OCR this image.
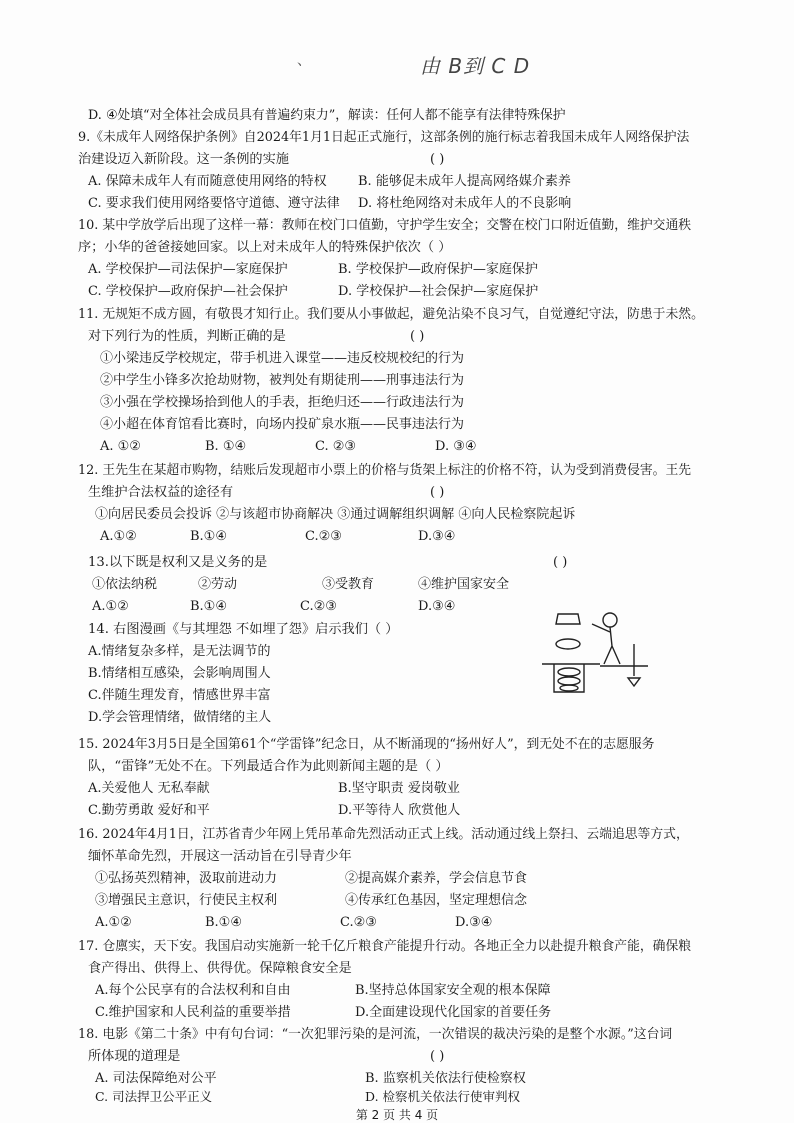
、	由 B到 C D
D. ④处填“对全体社会成员具有普遍约束力”，解读：任何人都不能享有法律特殊保护
9.《未成年人网络保护条例》自2024年1月1日起正式施行，这部条例的施行标志着我国未成年人网络保护法
治建设迈入新阶段。这一条例的实施	( )
A. 保障未成年人有而随意使用网络的特权 B. 能够促未成年人提高网络媒介素养
C. 要求我们使用网络要恪守道德、遵守法律 D. 将杜绝网络对未成年人的不良影响
10. 某中学放学后出现了这样一幕：教师在校门口值勤，守护学生安全；交警在校门口附近值勤，维护交通秩
序；小华的爸爸接她回家。以上对未成年人的特殊保护依次（ ）
A. 学校保护—司法保护—家庭保护	B. 学校保护—政府保护—家庭保护
C. 学校保护—政府保护—社会保护	D. 学校保护—社会保护—家庭保护
11. 无规矩不成方圆，有敬畏才知行止。我们要从小事做起，避免沾染不良习气，自觉遵纪守法，防患于未然。
对下列行为的性质，判断正确的是	( )
①小梁违反学校规定，带手机进入课堂——违反校规校纪的行为
②中学生小锋多次抢劫财物，被判处有期徒刑——刑事违法行为
③小强在学校操场拾到他人的手表，拒绝归还——行政违法行为
④小超在体育馆看比赛时，向场内投矿泉水瓶——民事违法行为
A. ①②	B. ①④	C. ②③	D. ③④
12. 王先生在某超市购物，结账后发现超市小票上的价格与货架上标注的价格不符，认为受到消费侵害。王先
生维护合法权益的途径有	( )
①向居民委员会投诉 ②与该超市协商解决 ③通过调解组织调解 ④向人民检察院起诉
A.①②	B.①④	C.②③	D.③④
13.以下既是权利又是义务的是	( )
①依法纳税	②劳动	③受教育	④维护国家安全
A.①②	B.①④	C.②③	D.③④
14. 右图漫画《与其埋怨 不如埋了怨》启示我们（ ）
A.情绪复杂多样，是无法调节的
B.情绪相互感染，会影响周围人
C.伴随生理发育，情感世界丰富
D.学会管理情绪，做情绪的主人
15. 2024年3月5日是全国第61个“学雷锋”纪念日，从不断涌现的“扬州好人”，到无处不在的志愿服务
队，“雷锋”无处不在。下列最适合作为此则新闻主题的是（ ）
A.关爱他人 无私奉献	B.坚守职责 爱岗敬业
C.勤劳勇敢 爱好和平	D.平等待人 欣赏他人
16. 2024年4月1日，江苏省青少年网上凭吊革命先烈活动正式上线。活动通过线上祭扫、云端追思等方式，
缅怀革命先烈，开展这一活动旨在引导青少年
①弘扬英烈精神，汲取前进动力	②提高媒介素养，学会信息节食
③增强民主意识，行使民主权利	④传承红色基因，坚定理想信念
A.①②	B.①④	C.②③	D.③④
17. 仓廪实，天下安。我国启动实施新一轮千亿斤粮食产能提升行动。各地正全力以赴提升粮食产能，确保粮
食产得出、供得上、供得优。保障粮食安全是
A.每个公民享有的合法权利和自由	B.坚持总体国家安全观的根本保障
C.维护国家和人民利益的重要举措	D.全面建设现代化国家的首要任务
18. 电影《第二十条》中有句台词：“一次犯罪污染的是河流，一次错误的裁决污染的是整个水源。”这台词
所体现的道理是	( )
A. 司法保障绝对公平	B. 监察机关依法行使检察权
C. 司法捍卫公平正义	D. 检察机关依法行使审判权
第 2 页 共 4 页
